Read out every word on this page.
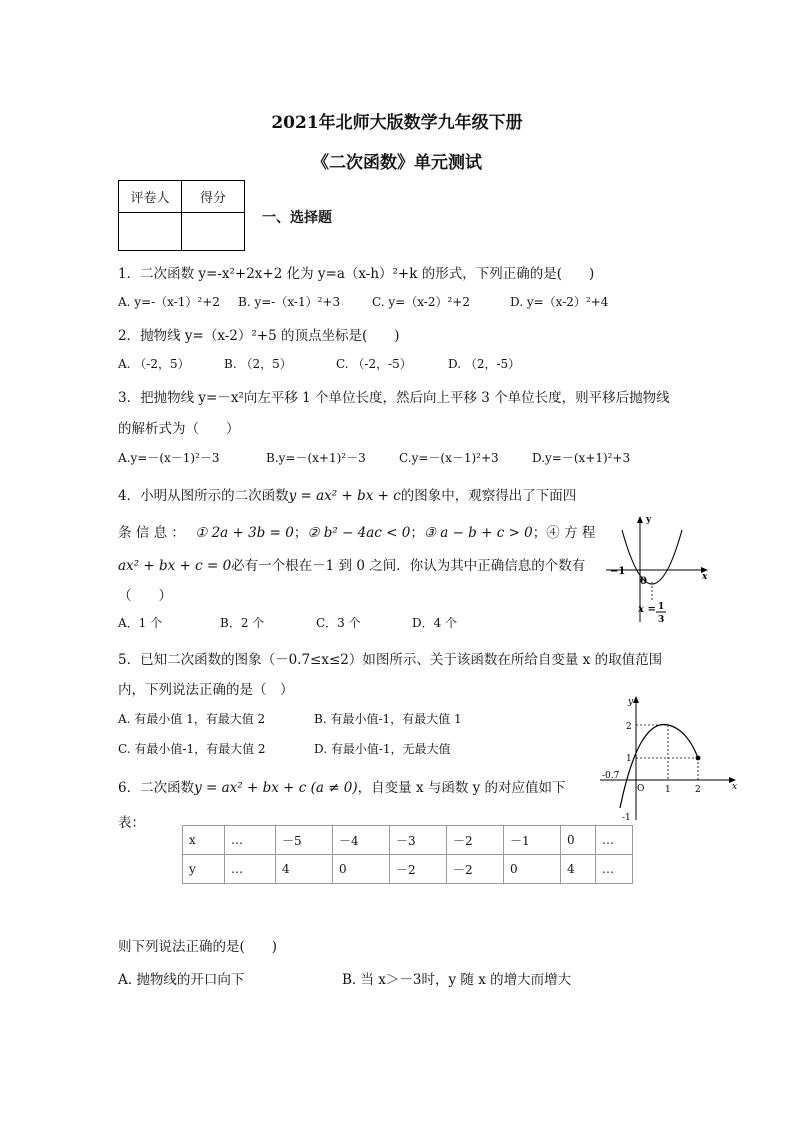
2021年北师大版数学九年级下册
《二次函数》单元测试
评卷人	得分

一、选择题
1．二次函数 y=-x²+2x+2 化为 y=a（x-h）²+k 的形式，下列正确的是(　　)
A. y=-（x-1）²+2 B. y=-（x-1）²+3	C. y=（x-2）²+2	D. y=（x-2）²+4
2．抛物线 y=（x-2）²+5 的顶点坐标是(　　)
A. （-2，5）	B. （2，5）	C. （-2，-5）	D. （2，-5）
3．把抛物线 y=－x²向左平移 1 个单位长度，然后向上平移 3 个单位长度，则平移后抛物线
的解析式为（　　）
A.y=－(x－1)²－3	B.y=－(x+1)²－3	C.y=－(x－1)²+3	D.y=－(x+1)²+3
4．小明从图所示的二次函数y = ax² + bx + c的图象中，观察得出了下面四
条 信 息 ： ① 2a + 3b = 0；② b² − 4ac < 0；③ a − b + c > 0；④ 方 程
ax² + bx + c = 0必有一个根在－1 到 0 之间．你认为其中正确信息的个数有
（　　）
A．1 个	B．2 个	C．3 个	D．4 个
y
x
0
−1
x = 1
3
5．已知二次函数的图象（－0.7≤x≤2）如图所示、关于该函数在所给自变量 x 的取值范围
内，下列说法正确的是（　）
A. 有最小值 1，有最大值 2	B. 有最小值-1，有最大值 1
C. 有最小值-1，有最大值 2	D. 有最小值-1，无最大值
y
x
2
1
-1
-0.7
O 1	2
6．二次函数y = ax² + bx + c (a ≠ 0)，自变量 x 与函数 y 的对应值如下
表：
x	…	－5	－4	－3	－2	－1	0	…
y	…	4	0	－2	－2	0	4	…
则下列说法正确的是(　　)
A. 抛物线的开口向下	B. 当 x＞－3时，y 随 x 的增大而增大
